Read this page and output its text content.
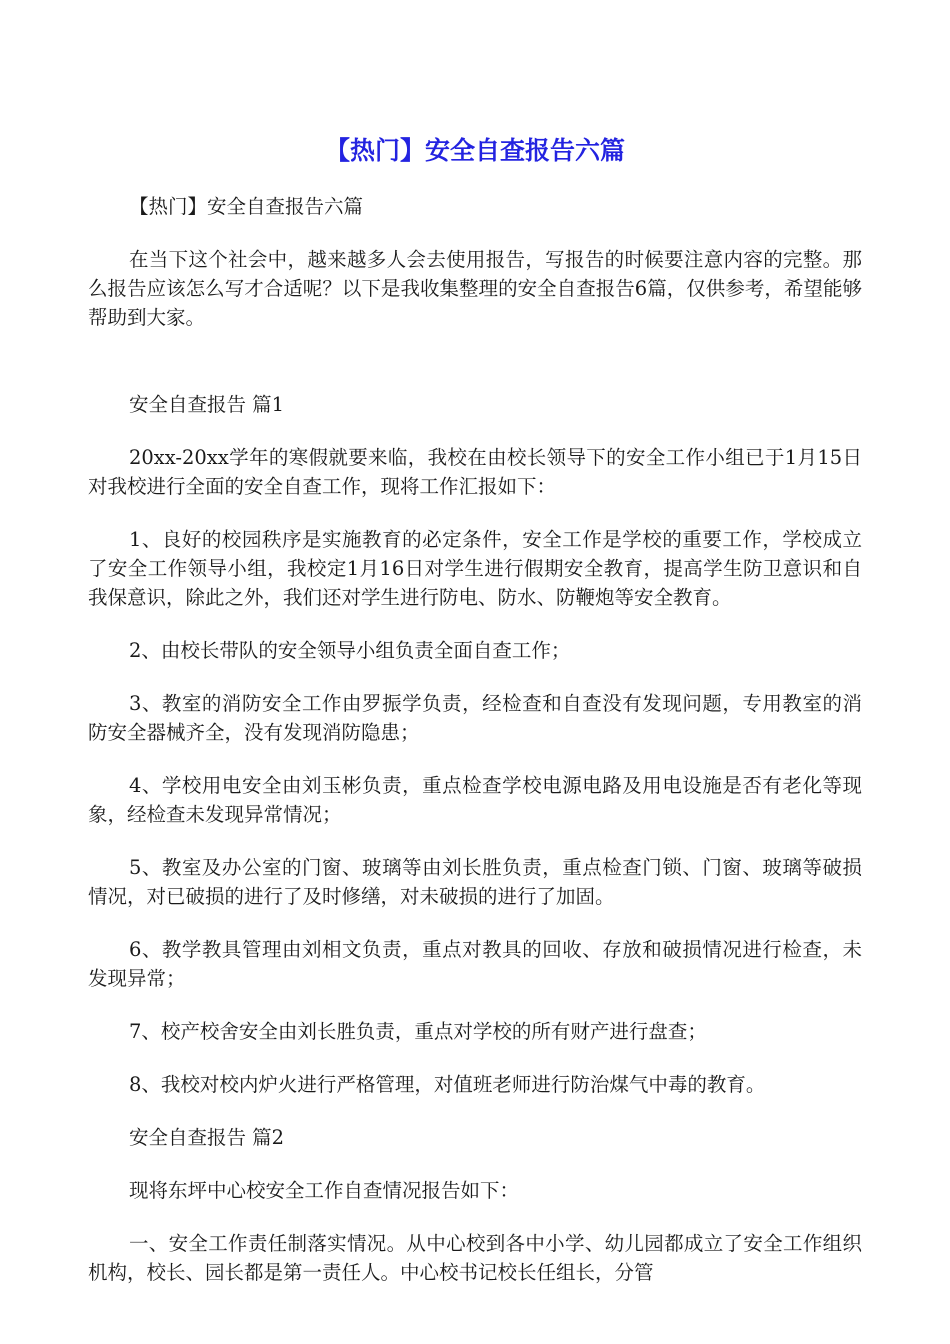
【热门】安全自查报告六篇

【热门】安全自查报告六篇

在当下这个社会中，越来越多人会去使用报告，写报告的时候要注意内容的完整。那么报告应该怎么写才合适呢？以下是我收集整理的安全自查报告6篇，仅供参考，希望能够帮助到大家。

安全自查报告 篇1

20xx-20xx学年的寒假就要来临，我校在由校长领导下的安全工作小组已于1月15日对我校进行全面的安全自查工作，现将工作汇报如下：

1、良好的校园秩序是实施教育的必定条件，安全工作是学校的重要工作，学校成立了安全工作领导小组，我校定1月16日对学生进行假期安全教育，提高学生防卫意识和自我保意识，除此之外，我们还对学生进行防电、防水、防鞭炮等安全教育。

2、由校长带队的安全领导小组负责全面自查工作；

3、教室的消防安全工作由罗振学负责，经检查和自查没有发现问题，专用教室的消防安全器械齐全，没有发现消防隐患；

4、学校用电安全由刘玉彬负责，重点检查学校电源电路及用电设施是否有老化等现象，经检查未发现异常情况；

5、教室及办公室的门窗、玻璃等由刘长胜负责，重点检查门锁、门窗、玻璃等破损情况，对已破损的进行了及时修缮，对未破损的进行了加固。

6、教学教具管理由刘相文负责，重点对教具的回收、存放和破损情况进行检查，未发现异常；

7、校产校舍安全由刘长胜负责，重点对学校的所有财产进行盘查；

8、我校对校内炉火进行严格管理，对值班老师进行防治煤气中毒的教育。

安全自查报告 篇2

现将东坪中心校安全工作自查情况报告如下：

一、安全工作责任制落实情况。从中心校到各中小学、幼儿园都成立了安全工作组织机构，校长、园长都是第一责任人。中心校书记校长任组长，分管
